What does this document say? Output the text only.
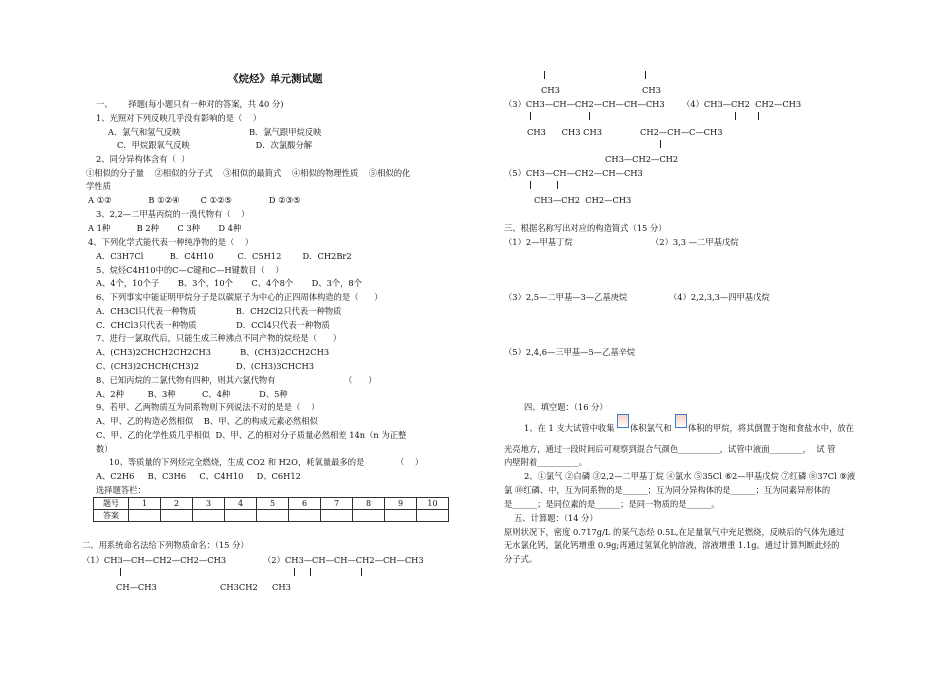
《烷烃》单元测试题
一、      择题(每小题只有一种对的答案，共 40 分)
1、光照对下列反映几乎没有影响的是（    ）
A．氯气和氢气反映                          B．氯气跟甲烷反映
C．甲烷跟氧气反映                         D．次氯酸分解
2、同分异构体含有（  ）
①相似的分子量    ②相似的分子式    ③相似的最简式    ④相似的物理性质    ⑤相似的化
学性质
A ①②              B ①②④        C ①②⑤              D ②③⑤
3、2,2—二甲基丙烷的一溴代物有（    ）
A 1种          B 2种       C 3种       D 4种
4、下列化学式能代表一种纯净物的是（    ）
A．C3H7Cl          B．C4H10         C．C5H12        D．CH2Br2
5、烷烃C4H10中的C—C键和C—H键数目（    ）
A、4个，10个子       B、3个，10个       C、4个8个       D、3个，8个
6、下列事实中能证明甲烷分子是以碳原子为中心的正四周体构造的是（      ）
A．CH3Cl只代表一种物质               B．CH2Cl2只代表一种物质
C．CHCl3只代表一种物质               D．CCl4只代表一种物质
7、进行一氯取代后，只能生成三种沸点不同产物的烷烃是（      ）
A、(CH3)2CHCH2CH2CH3           B、(CH3)2CCH2CH3
C、(CH3)2CHCH(CH3)2              D、(CH3)3CHCH3
8、已知丙烷的二氯代物有四种，则其六氯代物有                          （      ）
A、2种         B、3种          C、4种           D、5种
9、若甲、乙两物质互为同系物则下列说法不对的是是（    ）
A、甲、乙的构造必然相似    B、甲、乙的构成元素必然相似
C、甲、乙的化学性质几乎相似  D、甲、乙的相对分子质量必然相差 14n（n 为正整
数）
10、等质量的下列烃完全燃烧，生成 CO2 和 H2O，耗氧量最多的是            （    ）
A、C2H6     B、C3H6     C、C4H10     D、C6H12
选择题答栏：
题号	1	2	3	4	5	6	7	8	9	10
答案										
二、用系统命名法给下列物质命名：（15 分）
（1）CH3—CH—CH2—CH2—CH3
CH—CH3
（2）CH3—CH—CH—CH2—CH—CH3
CH3CH2 CH3
CH3	CH3
（3）CH3—CH—CH2—CH—CH—CH3
CH3      CH3 CH3
（4）CH3—CH2  CH2—CH3
CH2—CH—C—CH3
CH3—CH2—CH2
（5）CH3—CH—CH2—CH—CH3
CH3—CH2  CH2—CH3
三、根据名称写出对应的构造简式（15 分）
（1）2—甲基丁烷	（2）3,3 —二甲基戊烷
（3）2,5—二甲基—3—乙基庚烷	（4）2,2,3,3—四甲基戊烷
（5）2,4,6—三甲基—5—乙基辛烷
四、填空题：（16 分）
1、在 1 支大试管中收集 体积氯气和 体积的甲烷，将其倒置于饱和食盐水中，放在
光亮地方，通过一段时间后可观察到混合气颜色__________，试管中液面________，  试 管
内壁附着__________。
2、①氯气 ②白磷 ③2,2—二甲基丁烷 ④氯水 ⑤35Cl ⑥2—甲基戊烷 ⑦红磷 ⑧37Cl ⑨液
氯 ⑩红磷、中，互为同系物的是______；互为同分异构体的是______；互为同素异形体的
是______；是同位素的是______；是同一物质的是______。
五、计算题：（14 分）
原则状况下，密度 0.717g/L 的某气态烃 0.5L,在足量氧气中充足燃烧，反映后的气体先通过
无水氯化钙，氯化钙增重 0.9g;再通过氢氧化钠溶液，溶液增重 1.1g。通过计算判断此烃的
分子式。
